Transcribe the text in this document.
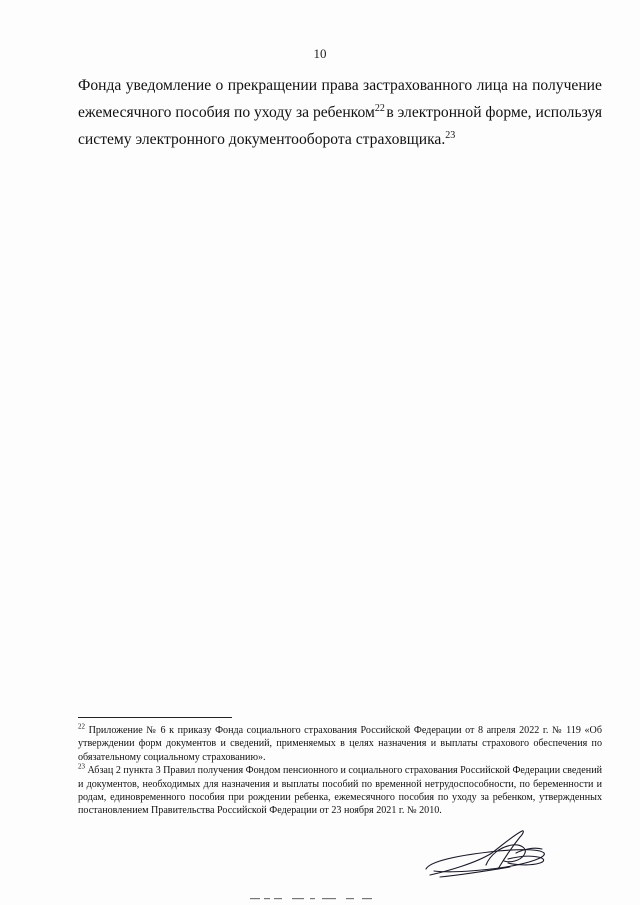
10
Фонда уведомление о прекращении права застрахованного лица на получение
ежемесячного пособия по уходу за ребенком$^{22}$ в электронной форме, используя
систему электронного документооборота страховщика.$^{23}$

$^{22}$ Приложение № 6 к приказу Фонда социального страхования Российской Федерации от 8 апреля 2022 г. № 119 «Об утверждении форм документов и сведений, применяемых в целях назначения и выплаты страхового обеспечения по обязательному социальному страхованию».

$^{23}$ Абзац 2 пункта 3 Правил получения Фондом пенсионного и социального страхования Российской Федерации сведений и документов, необходимых для назначения и выплаты пособий по временной нетрудоспособности, по беременности и родам, единовременного пособия при рождении ребенка, ежемесячного пособия по уходу за ребенком, утвержденных постановлением Правительства Российской Федерации от 23 ноября 2021 г. № 2010.
